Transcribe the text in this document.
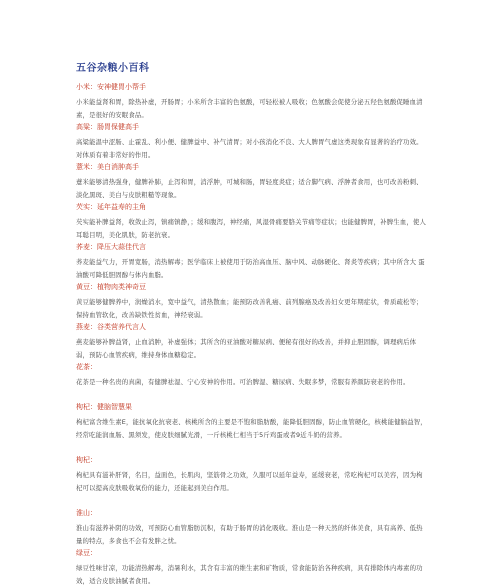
五谷杂粮小百科
小米：安神健胃小帮手
小米能益肾和胃，除热补虚，开肠胃；小米所含丰富的色氨酸，可轻松被人吸收；色氨酸会促使分泌五羟色氨酸促睡血清素，是很好的安眠食品。
高粱：肠胃保健高手
高粱能温中涩肠、止霍乱、利小便、健脾益中、补气清胃；对小孩消化不良、大人脾胃气虚这类现象有显著的治疗功效。对体质有着非常好的作用。
薏米：美白消肿高手
薏米能够清热强身，健脾补肺，止泻和胃，消浮肿，可城和肠，胃轻度炎症；适合脚气病、浮肿者食用，也可改善粉刺、淡化黑斑、美白与皮肤粗糙等现象。
芡实：延年益寿的主角
芡实能补脾益肾，收敛止泻，镇痛镇静，；缓和腹泻，神经痛，风湿骨痛要胳关节痛等症状；也能健脾胃，补脾生血，使人耳聪目明，美化肌肤，防老抗衰。
荞麦：降压大蒜佳代言
荞麦能益气力，开胃宽肠，消热解毒；医学临床上被使用于防治高血压、脑中风、动脉硬化、肾炎等疾病；其中所含大 蛋油酸可降低胆固醇与体内血脂。
黄豆：植物肉类神奇豆
黄豆能够健脾养中，润燥消水，宽中益气，清热散血；能预防改善乳癌、前列腺癌及改善妇女更年期症状，骨质疏松等；保持血管软化，改善缺铁性贫血，神经衰弱。
燕麦：谷类营养代言人
燕麦能够补脾益肾，止血消肿，补虚强体；其所含的亚油酸对糖尿病、便秘有很好的改善，并抑止胆固醇，调理病后体弱，预防心血管疾病，维持身体血糖稳定。
花茶：
花茶是一种名贵的真菌，有健脾祛湿、宁心安神的作用。可治脾湿、糖尿病、失眠多梦，常服有养颜防衰老的作用。
枸杞：健脑智慧果
枸杞富含维生素E，能抗氧化抗衰老、核桃所含的主要是不饱和脂肪酸，能降低胆固醇，防止血管硬化，核桃能健脑益智，经常吃能润血肠、黑须发，使皮肤细腻光滑，一斤核桃仁相当于5斤鸡蛋或者9近斗奶的营养。
枸杞：
枸杞具有滋补肝肾，名目，益面色，长肌肉，坚筋骨之功效，久服可以延年益寿，延缓衰老，常吃枸杞可以美容，因为枸杞可以提高皮肤吸收氧份的能力，还能起到美白作用。
淮山：
淮山有滋养补阴的功效，可预防心血管脂肪沉积，有助于肠胃的消化吸收。淮山是一种天然的纤体美食，具有高养、低热量的特点，多食也不会有发胖之忧。
绿豆：
绿豆性味甘凉，功能清热解毒，消暑利水，其含有丰富的维生素和矿物质，常食能防治各种疾病，具有排除体内毒素的功效，适合皮肤油腻者食用。
